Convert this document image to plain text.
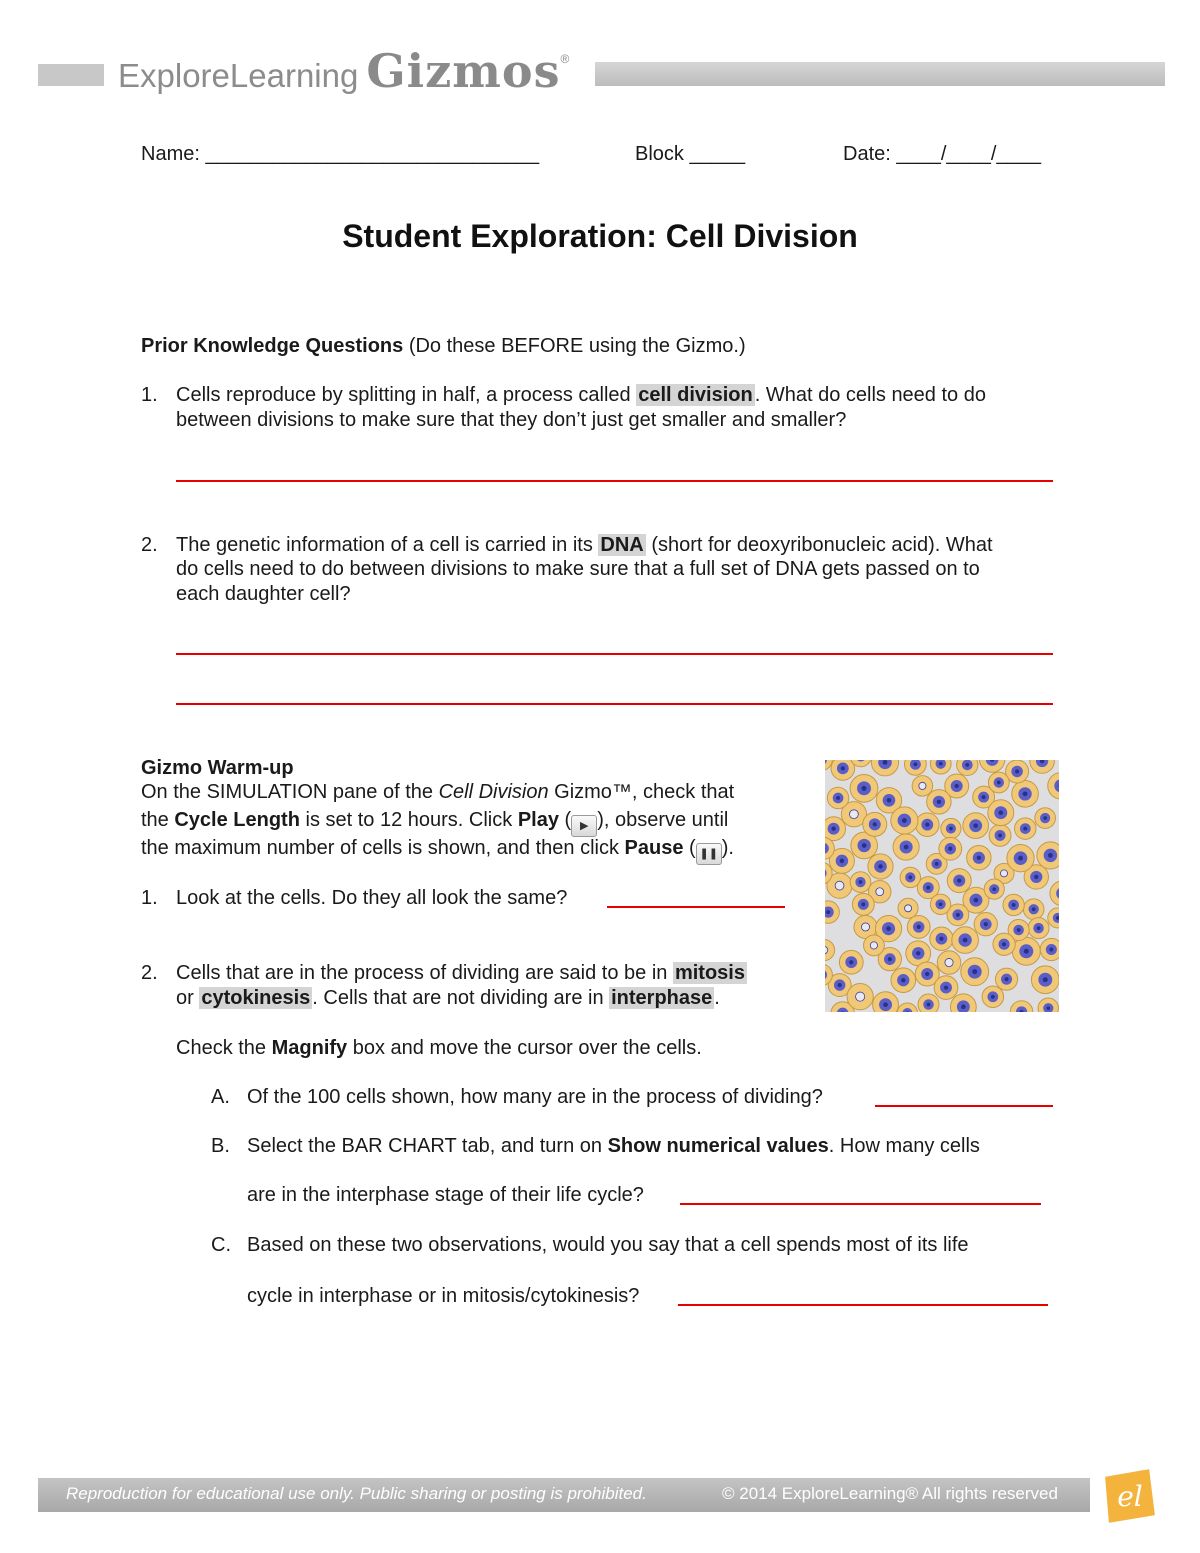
ExploreLearning Gizmos®
Name: ______________________________	Block _____	Date: ____/____/____
Student Exploration: Cell Division
Prior Knowledge Questions (Do these BEFORE using the Gizmo.)
1. Cells reproduce by splitting in half, a process called cell division . What do cells need to do
between divisions to make sure that they don’t just get smaller and smaller?
2. The genetic information of a cell is carried in its DNA (short for deoxyribonucleic acid). What
do cells need to do between divisions to make sure that a full set of DNA gets passed on to
each daughter cell?
Gizmo Warm-up
On the SIMULATION pane of the Cell Division Gizmo™, check that
the Cycle Length is set to 12 hours. Click Play ( ▶ ), observe until
the maximum number of cells is shown, and then click Pause ( ❚❚ ).
1. Look at the cells. Do they all look the same?
2. Cells that are in the process of dividing are said to be in mitosis
or cytokinesis . Cells that are not dividing are in interphase .
Check the Magnify box and move the cursor over the cells.
A. Of the 100 cells shown, how many are in the process of dividing?
B. Select the BAR CHART tab, and turn on Show numerical values. How many cells
are in the interphase stage of their life cycle?
C. Based on these two observations, would you say that a cell spends most of its life
cycle in interphase or in mitosis/cytokinesis?
Reproduction for educational use only. Public sharing or posting is prohibited.	© 2014 ExploreLearning® All rights reserved el
